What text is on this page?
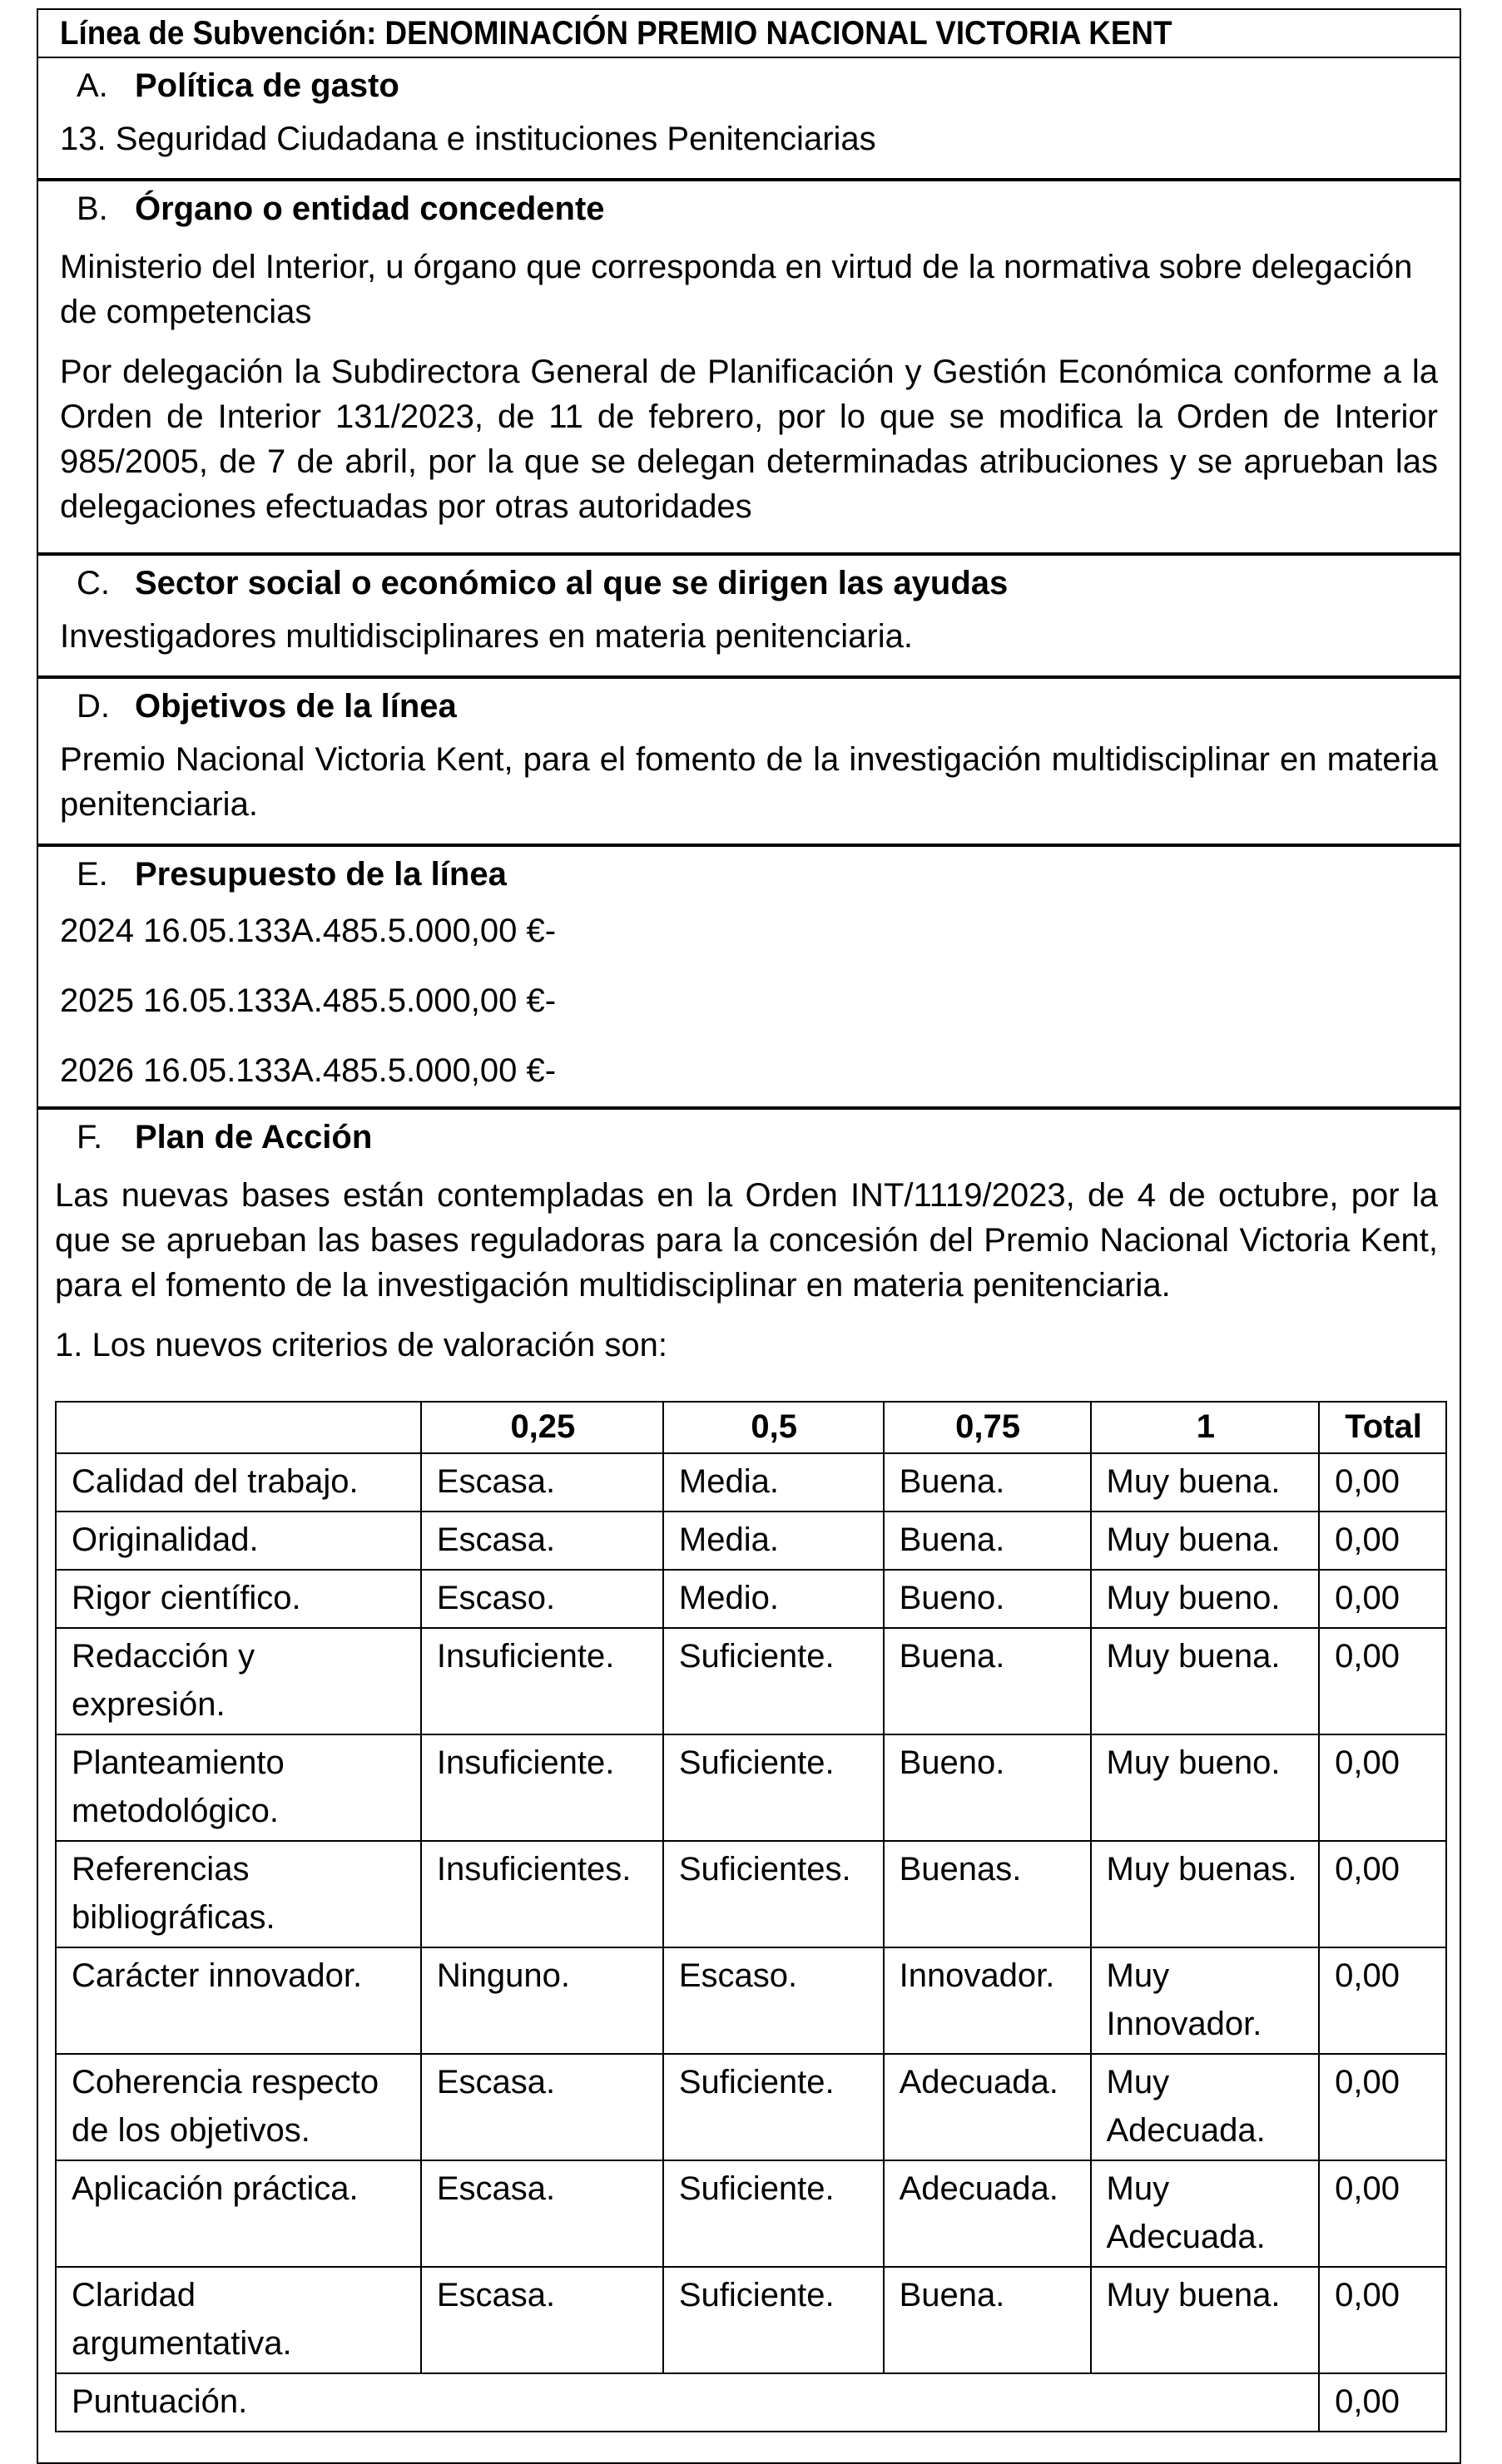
Línea de Subvención: DENOMINACIÓN PREMIO NACIONAL VICTORIA KENT
A. Política de gasto
13. Seguridad Ciudadana e instituciones Penitenciarias
B. Órgano o entidad concedente
Ministerio del Interior, u órgano que corresponda en virtud de la normativa sobre delegación de competencias
Por delegación la Subdirectora General de Planificación y Gestión Económica conforme a la Orden de Interior 131/2023, de 11 de febrero, por lo que se modifica la Orden de Interior 985/2005, de 7 de abril, por la que se delegan determinadas atribuciones y se aprueban las delegaciones efectuadas por otras autoridades
C. Sector social o económico al que se dirigen las ayudas
Investigadores multidisciplinares en materia penitenciaria.
D. Objetivos de la línea
Premio Nacional Victoria Kent, para el fomento de la investigación multidisciplinar en materia penitenciaria.
E. Presupuesto de la línea
2024 16.05.133A.485.5.000,00 €-
2025 16.05.133A.485.5.000,00 €-
2026 16.05.133A.485.5.000,00 €-
F. Plan de Acción
Las nuevas bases están contempladas en la Orden INT/1119/2023, de 4 de octubre, por la que se aprueban las bases reguladoras para la concesión del Premio Nacional Victoria Kent, para el fomento de la investigación multidisciplinar en materia penitenciaria.
1. Los nuevos criterios de valoración son:
	0,25	0,5	0,75	1	Total
Calidad del trabajo.	Escasa.	Media.	Buena.	Muy buena.	0,00
Originalidad.	Escasa.	Media.	Buena.	Muy buena.	0,00
Rigor científico.	Escaso.	Medio.	Bueno.	Muy bueno.	0,00
Redacción y expresión.	Insuficiente.	Suficiente.	Buena.	Muy buena.	0,00
Planteamiento metodológico.	Insuficiente.	Suficiente.	Bueno.	Muy bueno.	0,00
Referencias bibliográficas.	Insuficientes.	Suficientes.	Buenas.	Muy buenas.	0,00
Carácter innovador.	Ninguno.	Escaso.	Innovador.	Muy Innovador.	0,00
Coherencia respecto de los objetivos.	Escasa.	Suficiente.	Adecuada.	Muy Adecuada.	0,00
Aplicación práctica.	Escasa.	Suficiente.	Adecuada.	Muy Adecuada.	0,00
Claridad argumentativa.	Escasa.	Suficiente.	Buena.	Muy buena.	0,00
Puntuación.					0,00
